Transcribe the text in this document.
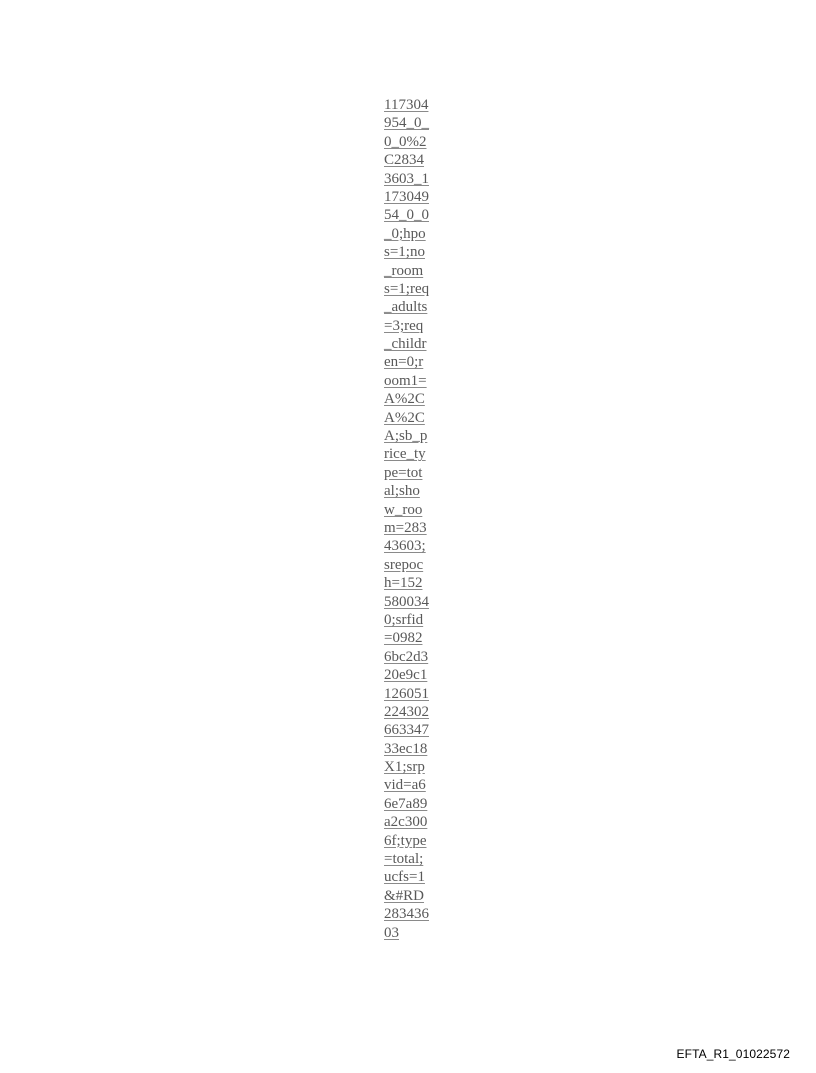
117304
954_0_
0_0%2
C2834
3603_1
173049
54_0_0
_0;hpo
s=1;no
_room
s=1;req
_adults
=3;req
_childr
en=0;r
oom1=
A%2C
A%2C
A;sb_p
rice_ty
pe=tot
al;sho
w_roo
m=283
43603;
srepoc
h=152
580034
0;srfid
=0982
6bc2d3
20e9c1
126051
224302
663347
33ec18
X1;srp
vid=a6
6e7a89
a2c300
6f;type
=total;
ucfs=1
&#RD
283436
03
EFTA_R1_01022572
